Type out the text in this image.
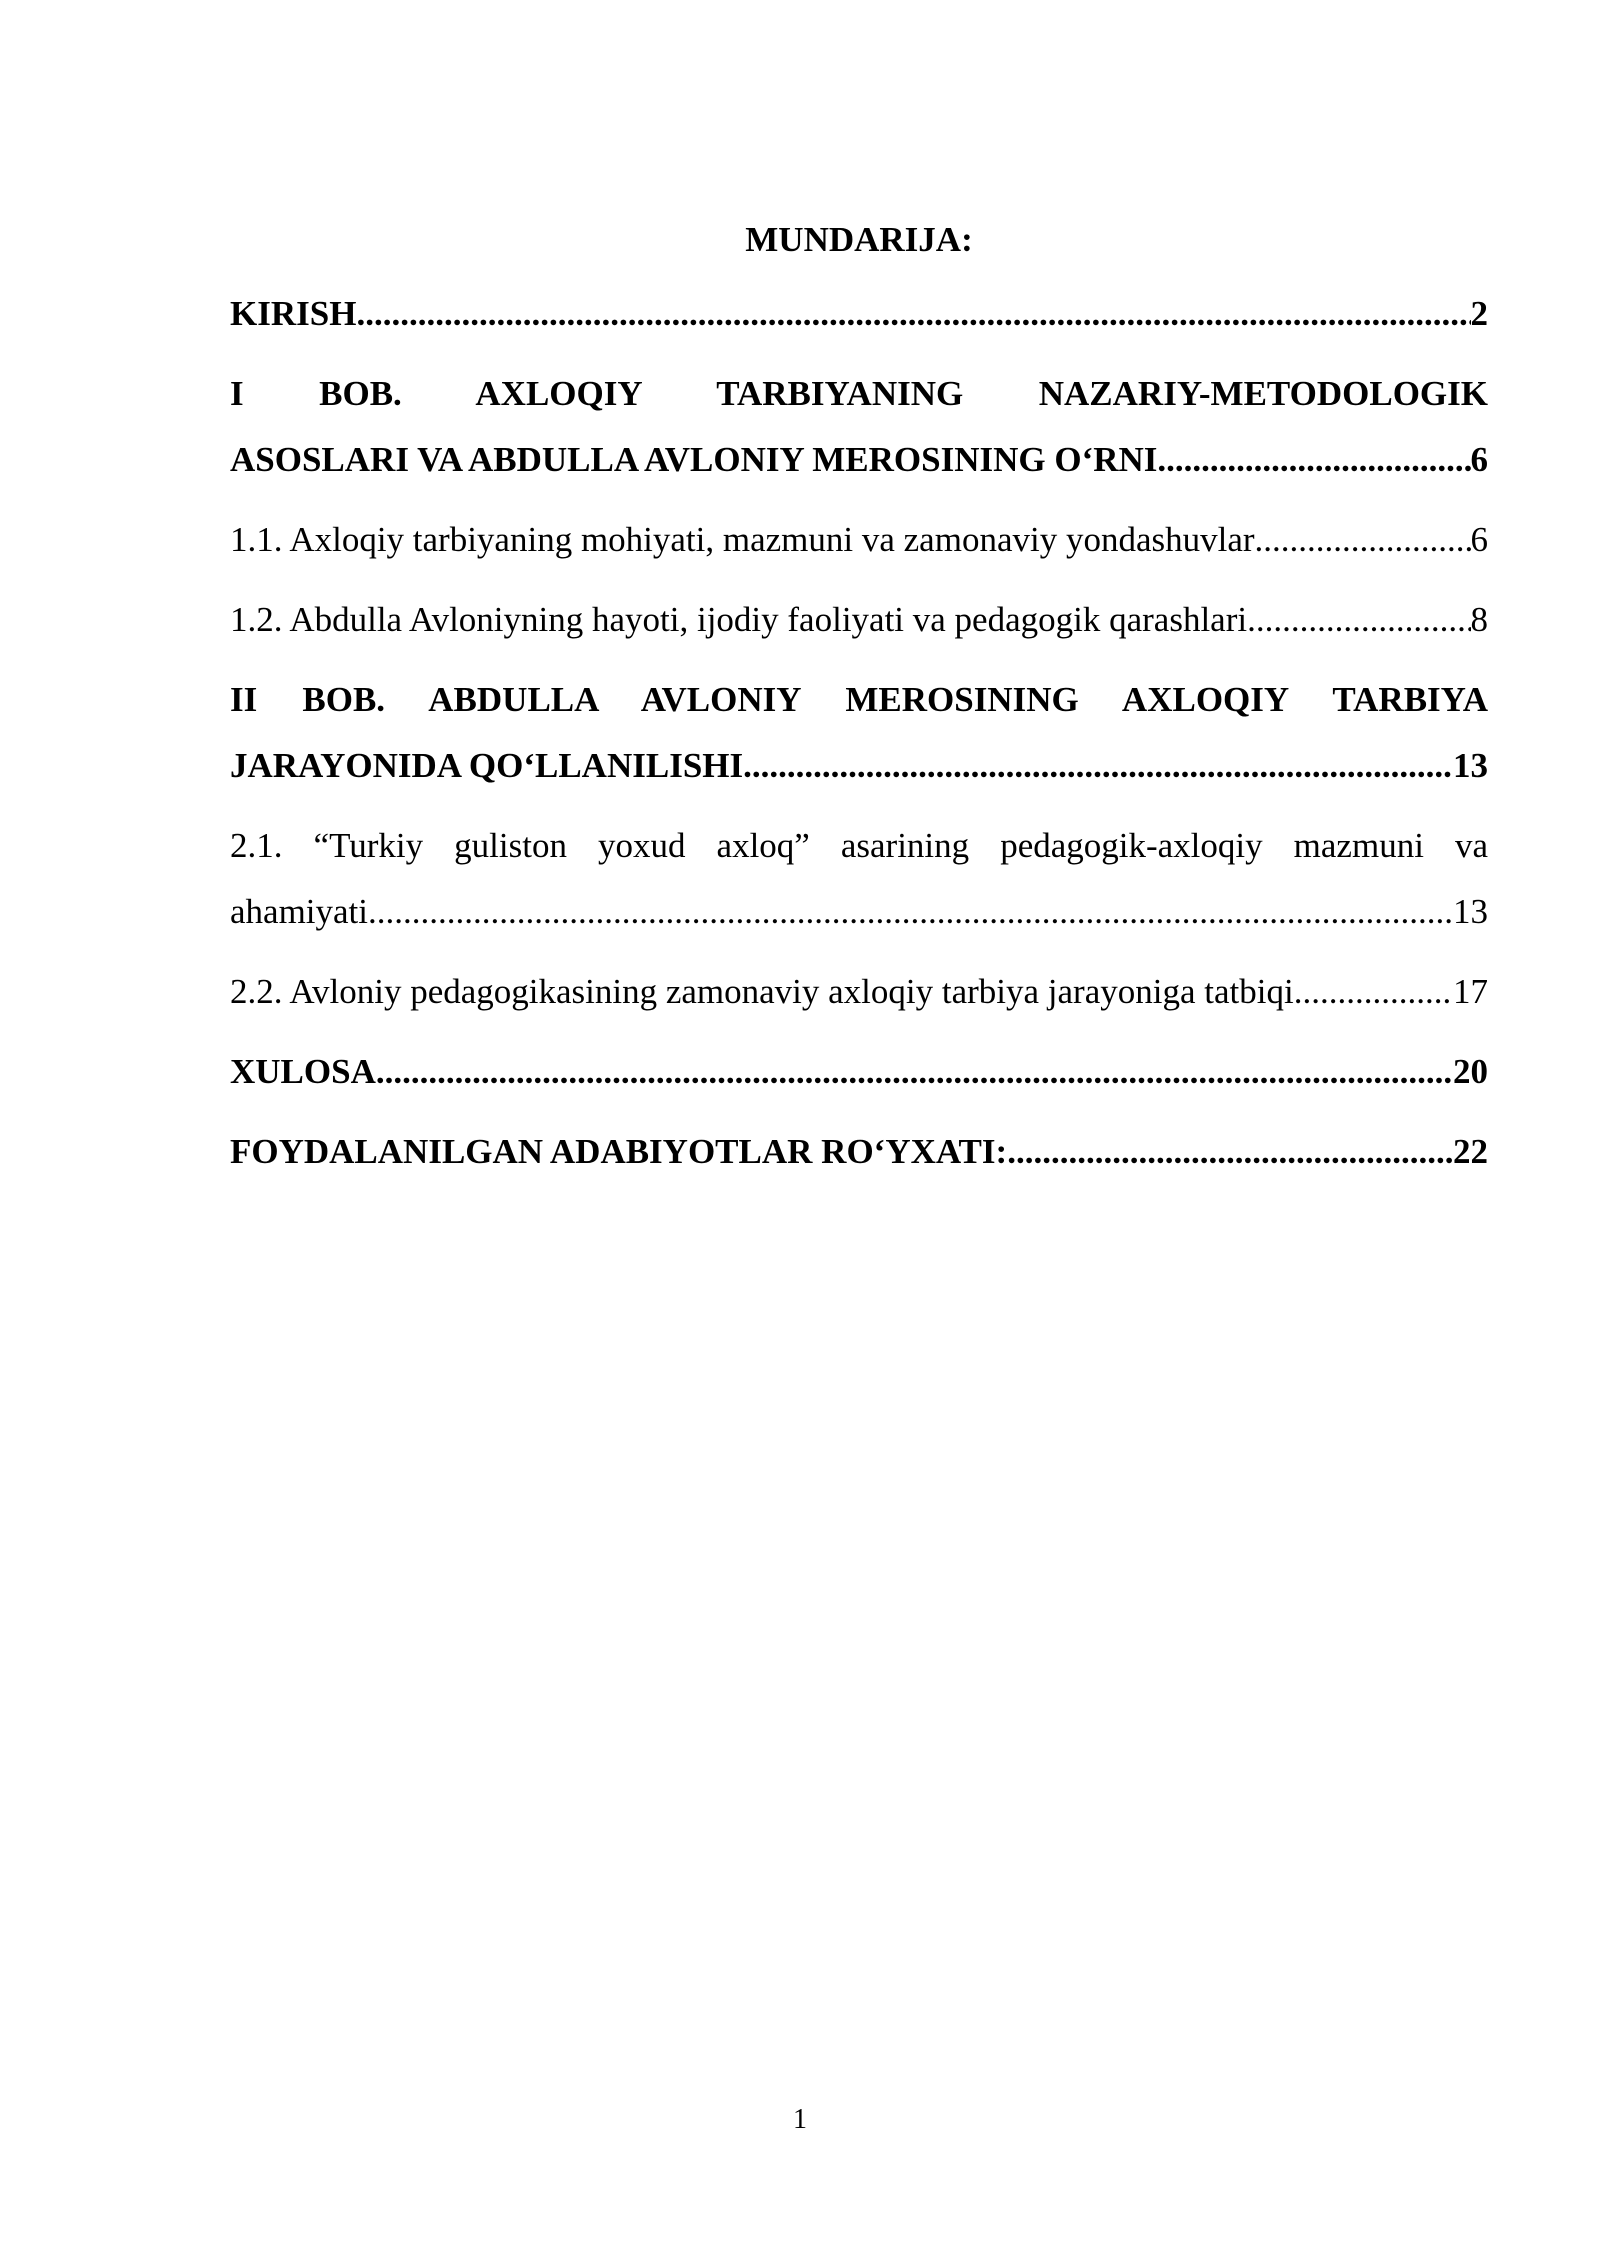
MUNDARIJA:
KIRISH .....	2
I BOB. AXLOQIY TARBIYANING NAZARIY-METODOLOGIK
ASOSLARI VA ABDULLA AVLONIY MEROSINING O‘RNI .....	6
1.1. Axloqiy tarbiyaning mohiyati, mazmuni va zamonaviy yondashuvlar .....	6
1.2. Abdulla Avloniyning hayoti, ijodiy faoliyati va pedagogik qarashlari .....	8
II BOB. ABDULLA AVLONIY MEROSINING AXLOQIY TARBIYA
JARAYONIDA QO‘LLANILISHI .....	13
2.1. “Turkiy guliston yoxud axloq” asarining pedagogik-axloqiy mazmuni va
ahamiyati .....	13
2.2. Avloniy pedagogikasining zamonaviy axloqiy tarbiya jarayoniga tatbiqi .....	17
XULOSA .....	20
FOYDALANILGAN ADABIYOTLAR RO‘YXATI: .....	22
1
